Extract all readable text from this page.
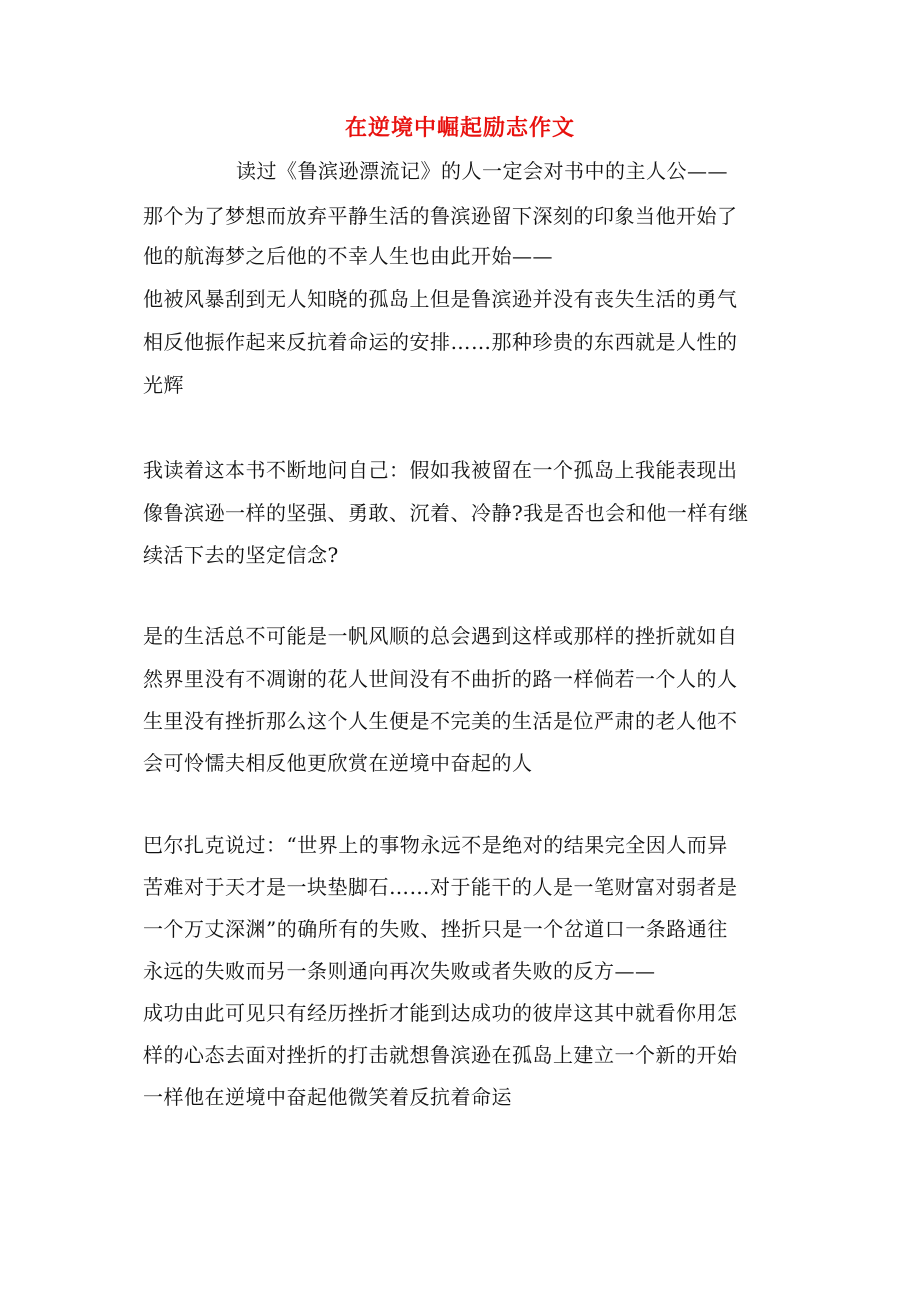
在逆境中崛起励志作文

读过《鲁滨逊漂流记》的人一定会对书中的主人公——

那个为了梦想而放弃平静生活的鲁滨逊留下深刻的印象当他开始了

他的航海梦之后他的不幸人生也由此开始——

他被风暴刮到无人知晓的孤岛上但是鲁滨逊并没有丧失生活的勇气

相反他振作起来反抗着命运的安排……那种珍贵的东西就是人性的

光辉

我读着这本书不断地问自己：假如我被留在一个孤岛上我能表现出

像鲁滨逊一样的坚强、勇敢、沉着、冷静?我是否也会和他一样有继

续活下去的坚定信念?

是的生活总不可能是一帆风顺的总会遇到这样或那样的挫折就如自

然界里没有不凋谢的花人世间没有不曲折的路一样倘若一个人的人

生里没有挫折那么这个人生便是不完美的生活是位严肃的老人他不

会可怜懦夫相反他更欣赏在逆境中奋起的人

巴尔扎克说过：“世界上的事物永远不是绝对的结果完全因人而异

苦难对于天才是一块垫脚石……对于能干的人是一笔财富对弱者是

一个万丈深渊”的确所有的失败、挫折只是一个岔道口一条路通往

永远的失败而另一条则通向再次失败或者失败的反方——

成功由此可见只有经历挫折才能到达成功的彼岸这其中就看你用怎

样的心态去面对挫折的打击就想鲁滨逊在孤岛上建立一个新的开始

一样他在逆境中奋起他微笑着反抗着命运
